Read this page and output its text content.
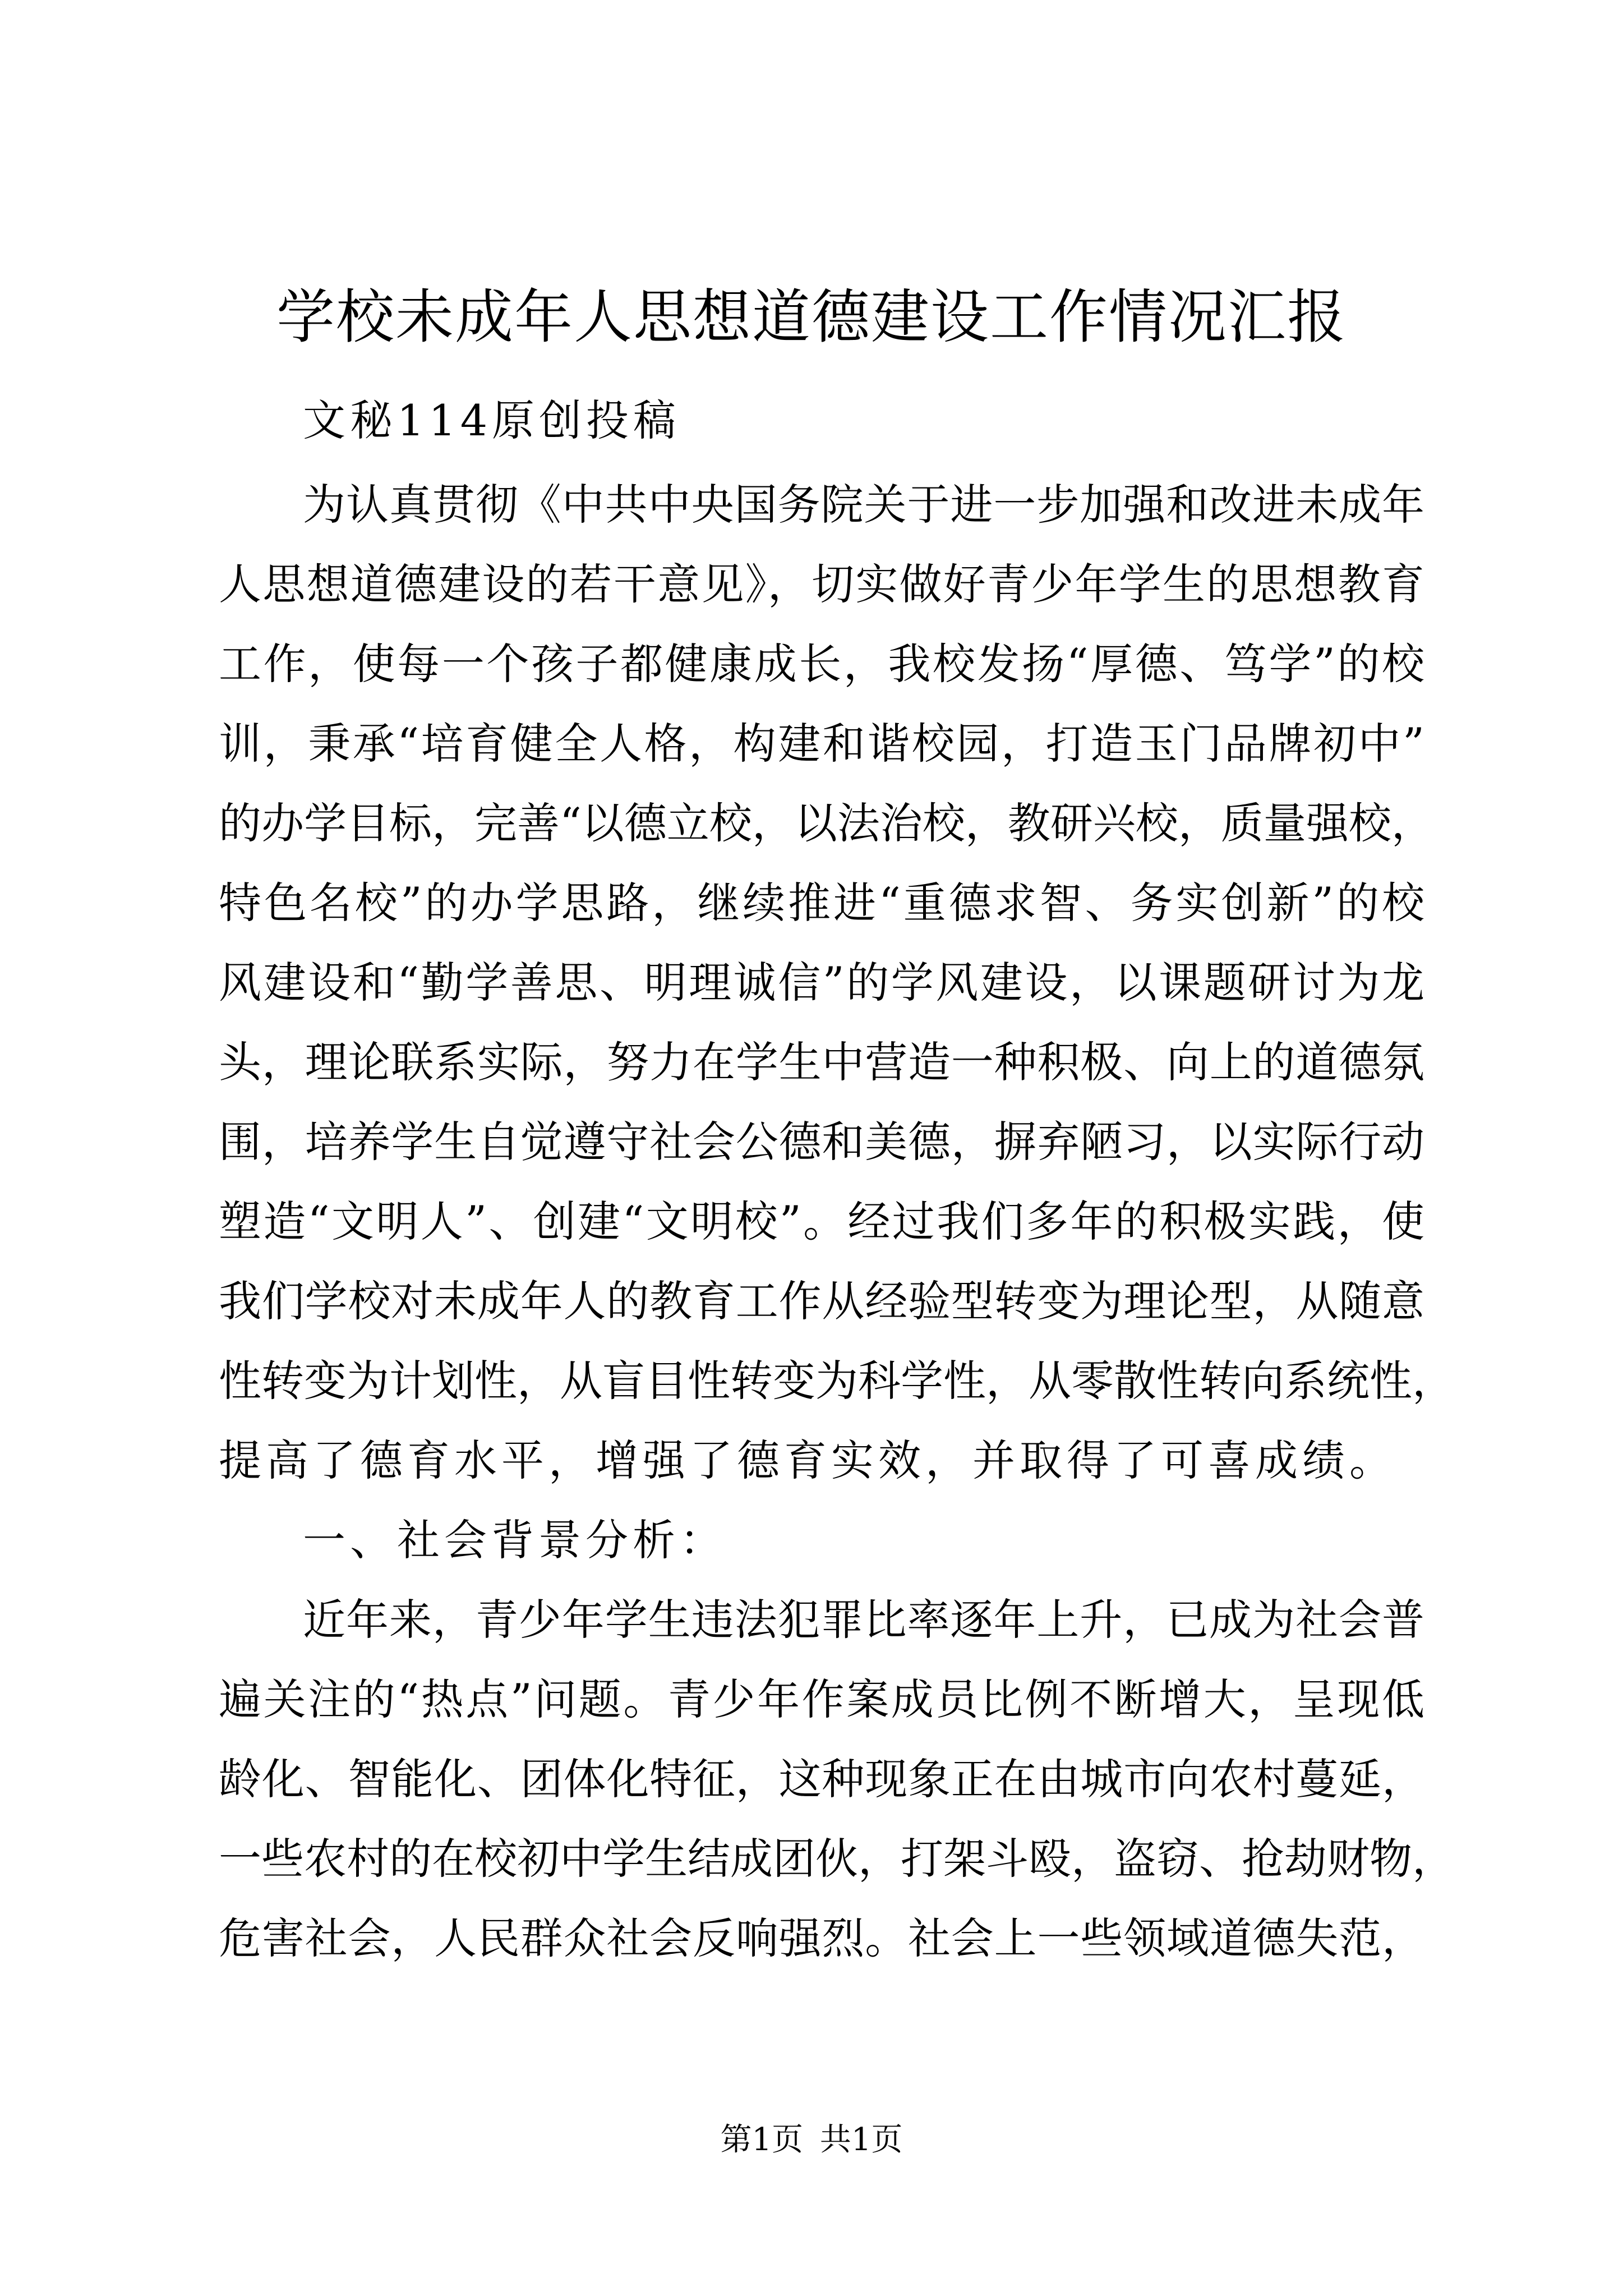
学校未成年人思想道德建设工作情况汇报
文秘114原创投稿
为认真贯彻《中共中央国务院关于进一步加强和改进未成年
人思想道德建设的若干意见》，切实做好青少年学生的思想教育
工作，使每一个孩子都健康成长，我校发扬“厚德、笃学”的校
训，秉承“培育健全人格，构建和谐校园，打造玉门品牌初中”
的办学目标，完善“以德立校，以法治校，教研兴校，质量强校，
特色名校”的办学思路，继续推进“重德求智、务实创新”的校
风建设和“勤学善思、明理诚信”的学风建设，以课题研讨为龙
头，理论联系实际，努力在学生中营造一种积极、向上的道德氛
围，培养学生自觉遵守社会公德和美德，摒弃陋习，以实际行动
塑造“文明人”、创建“文明校”。经过我们多年的积极实践，使
我们学校对未成年人的教育工作从经验型转变为理论型，从随意
性转变为计划性，从盲目性转变为科学性，从零散性转向系统性，
提高了德育水平，增强了德育实效，并取得了可喜成绩。
一、社会背景分析：
近年来，青少年学生违法犯罪比率逐年上升，已成为社会普
遍关注的“热点”问题。青少年作案成员比例不断增大，呈现低
龄化、智能化、团体化特征，这种现象正在由城市向农村蔓延，
一些农村的在校初中学生结成团伙，打架斗殴，盗窃、抢劫财物，
危害社会，人民群众社会反响强烈。社会上一些领域道德失范，
第1页 共1页
